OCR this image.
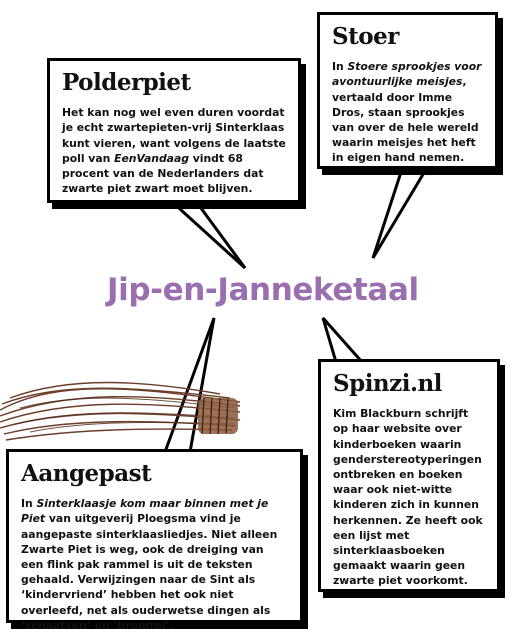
Jip-en-Janneketaal
Polderpiet

Het kan nog wel even duren voordat je echt zwartepieten-vrij Sinterklaas kunt vieren, want volgens de laatste poll van EenVandaag vindt 68 procent van de Nederlanders dat zwarte piet zwart moet blijven.

Stoer

In Stoere sprookjes voor avontuurlijke meisjes, vertaald door Imme Dros, staan sprookjes van over de hele wereld waarin meisjes het heft in eigen hand nemen.

Spinzi.nl

Kim Blackburn schrijft op haar website over kinderboeken waarin genderstereotyperingen ontbreken en boeken waar ook niet-witte kinderen zich in kunnen herkennen. Ze heeft ook een lijst met sinterklaasboeken gemaakt waarin geen zwarte piet voorkomt.

Aangepast

In Sinterklaasje kom maar binnen met je Piet van uitgeverij Ploegsma vind je aangepaste sinterklaasliedjes. Niet alleen Zwarte Piet is weg, ook de dreiging van een flink pak rammel is uit de teksten gehaald. Verwijzingen naar de Sint als ‘kindervriend’ hebben het ook niet overleefd, net als ouderwetse dingen als ‘schaatsen’ en ‘bromtol’.
